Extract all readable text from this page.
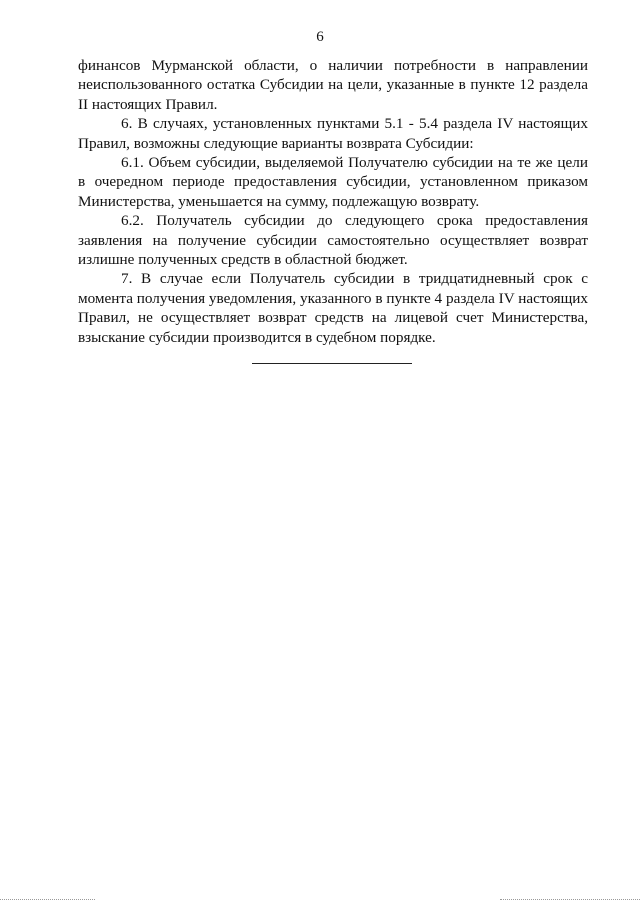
6

финансов Мурманской области, о наличии потребности в направлении неиспользованного остатка Субсидии на цели, указанные в пункте 12 раздела II настоящих Правил.

6. В случаях, установленных пунктами 5.1 - 5.4 раздела IV настоящих Правил, возможны следующие варианты возврата Субсидии:

6.1. Объем субсидии, выделяемой Получателю субсидии на те же цели в очередном периоде предоставления субсидии, установленном приказом Министерства, уменьшается на сумму, подлежащую возврату.

6.2. Получатель субсидии до следующего срока предоставления заявления на получение субсидии самостоятельно осуществляет возврат излишне полученных средств в областной бюджет.

7. В случае если Получатель субсидии в тридцатидневный срок с момента получения уведомления, указанного в пункте 4 раздела IV настоящих Правил, не осуществляет возврат средств на лицевой счет Министерства, взыскание субсидии производится в судебном порядке.
